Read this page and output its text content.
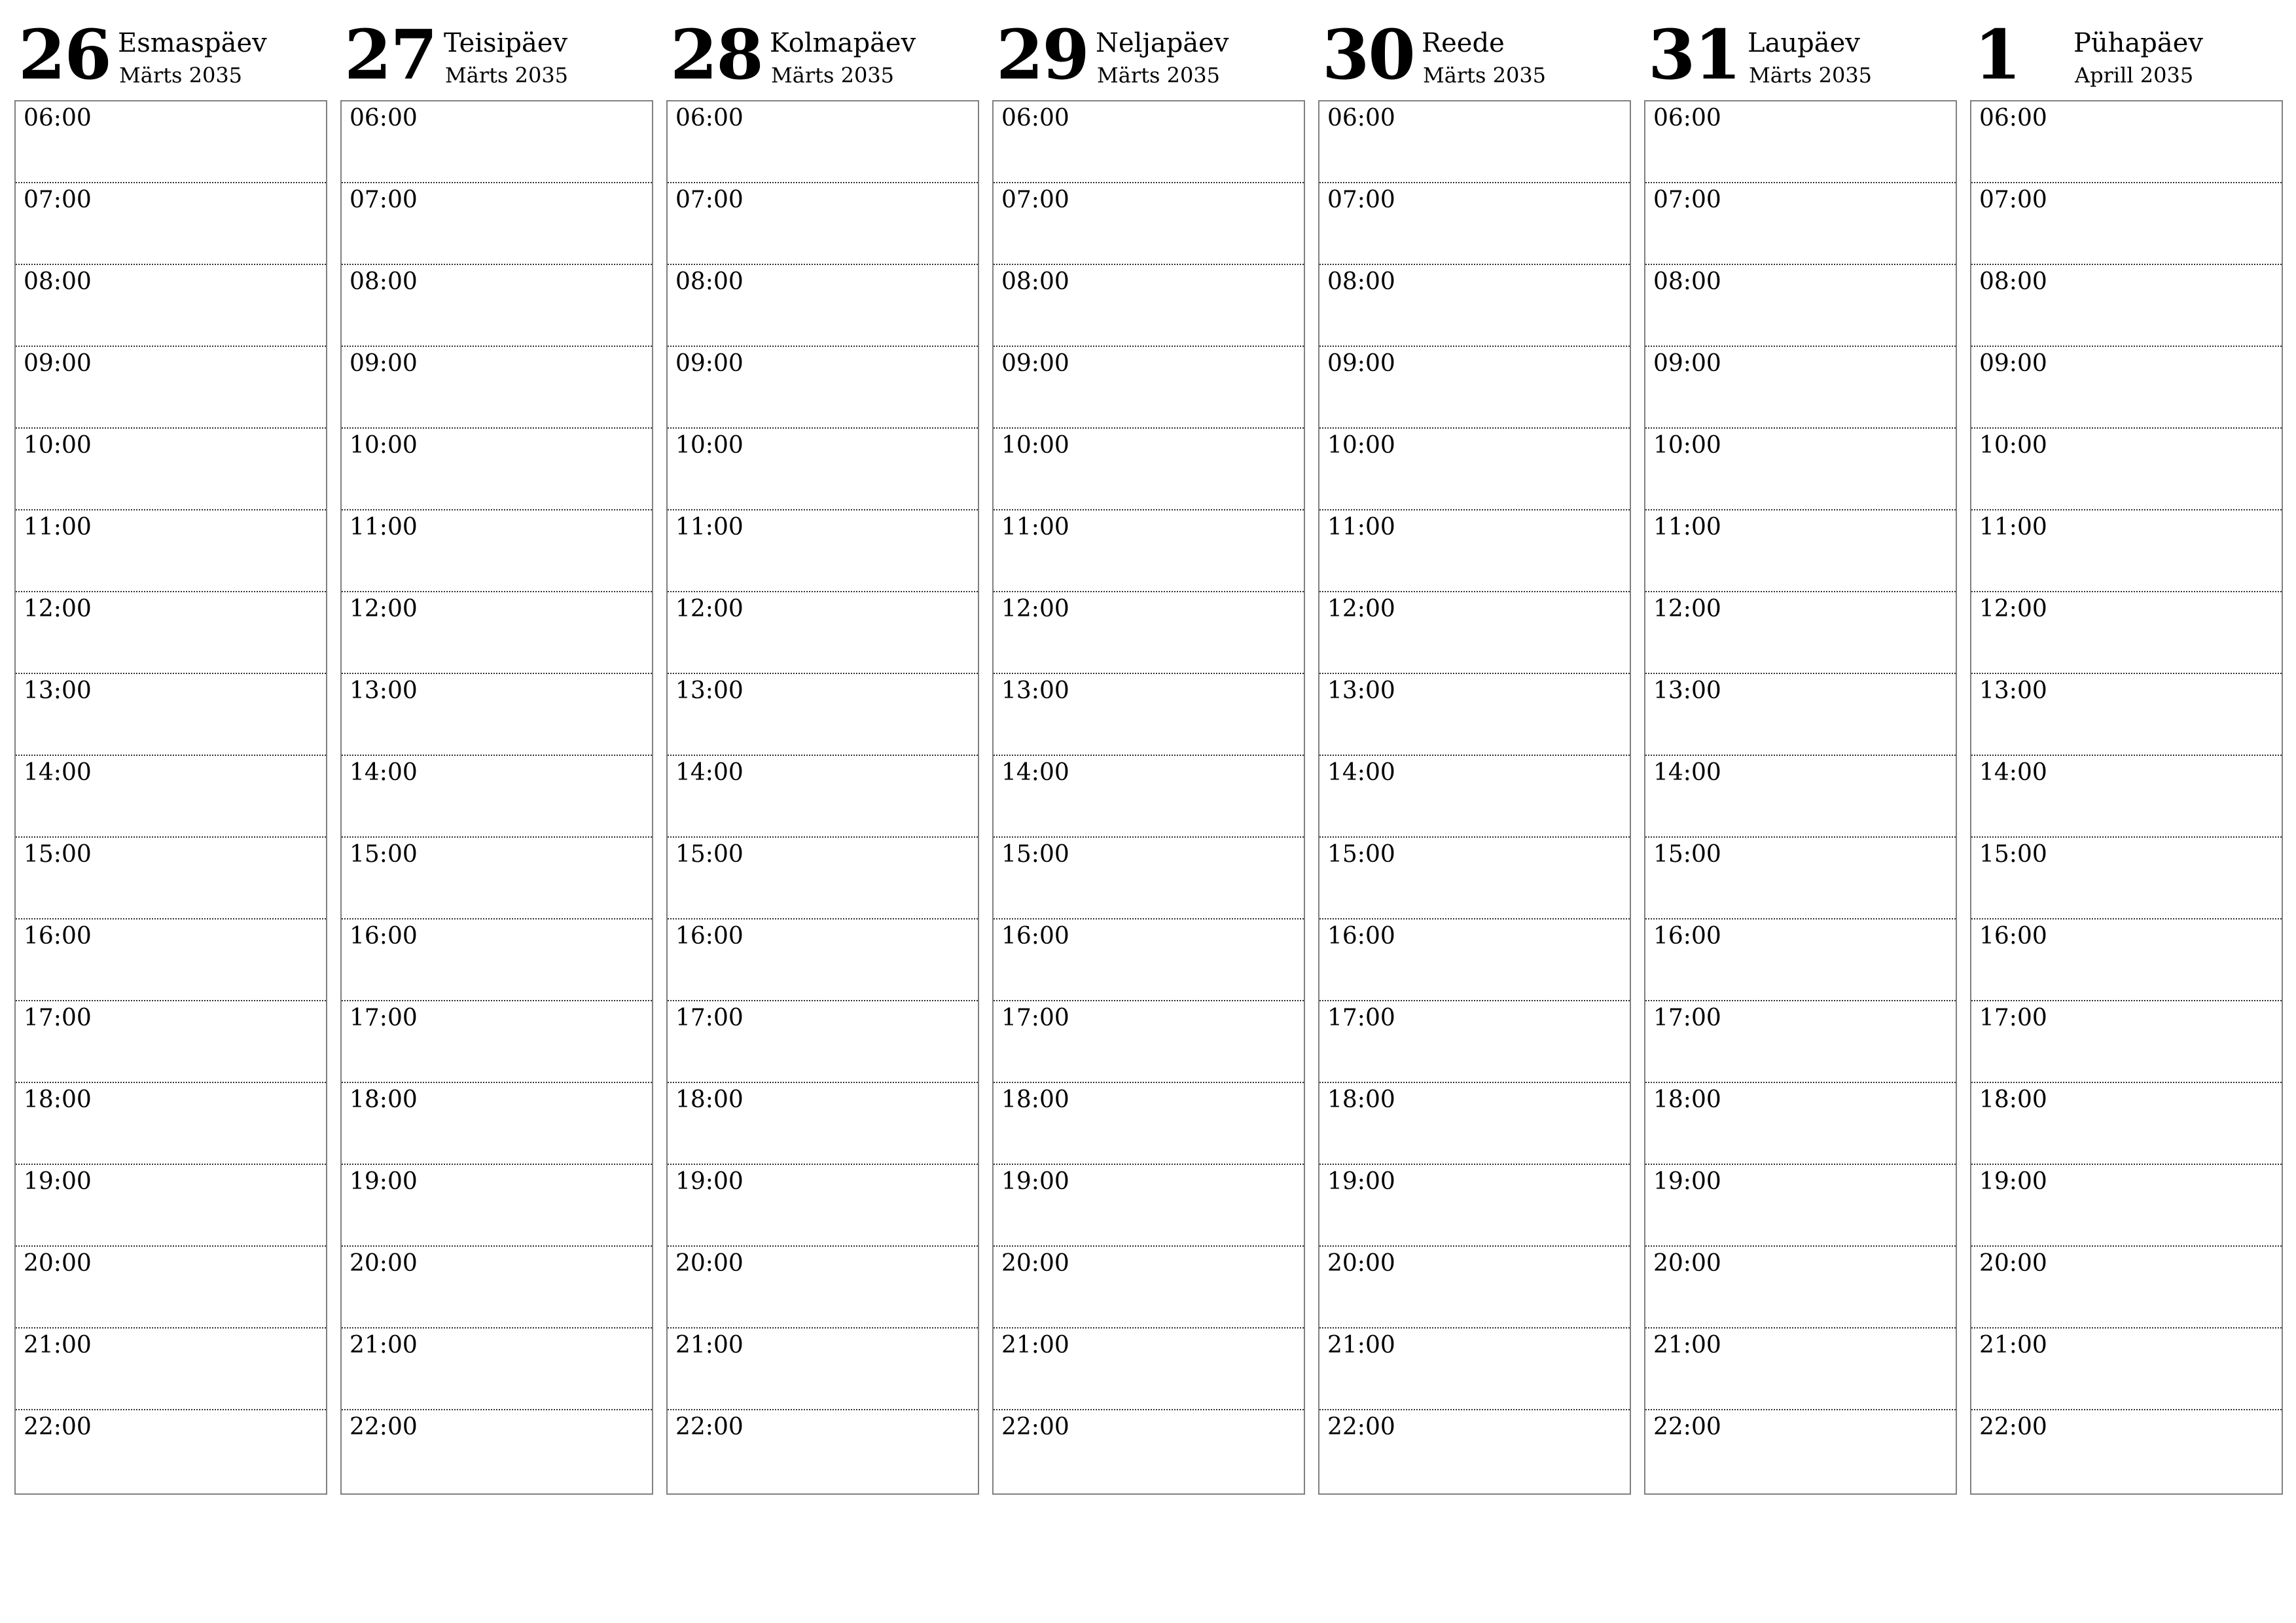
26 Esmaspäev
Märts 2035
06:00
07:00
08:00
09:00
10:00
11:00
12:00
13:00
14:00
15:00
16:00
17:00
18:00
19:00
20:00
21:00
22:00
27 Teisipäev
Märts 2035
06:00
07:00
08:00
09:00
10:00
11:00
12:00
13:00
14:00
15:00
16:00
17:00
18:00
19:00
20:00
21:00
22:00
28 Kolmapäev
Märts 2035
06:00
07:00
08:00
09:00
10:00
11:00
12:00
13:00
14:00
15:00
16:00
17:00
18:00
19:00
20:00
21:00
22:00
29 Neljapäev
Märts 2035
06:00
07:00
08:00
09:00
10:00
11:00
12:00
13:00
14:00
15:00
16:00
17:00
18:00
19:00
20:00
21:00
22:00
30 Reede
Märts 2035
06:00
07:00
08:00
09:00
10:00
11:00
12:00
13:00
14:00
15:00
16:00
17:00
18:00
19:00
20:00
21:00
22:00
31 Laupäev
Märts 2035
06:00
07:00
08:00
09:00
10:00
11:00
12:00
13:00
14:00
15:00
16:00
17:00
18:00
19:00
20:00
21:00
22:00
1 Pühapäev
Aprill 2035
06:00
07:00
08:00
09:00
10:00
11:00
12:00
13:00
14:00
15:00
16:00
17:00
18:00
19:00
20:00
21:00
22:00
